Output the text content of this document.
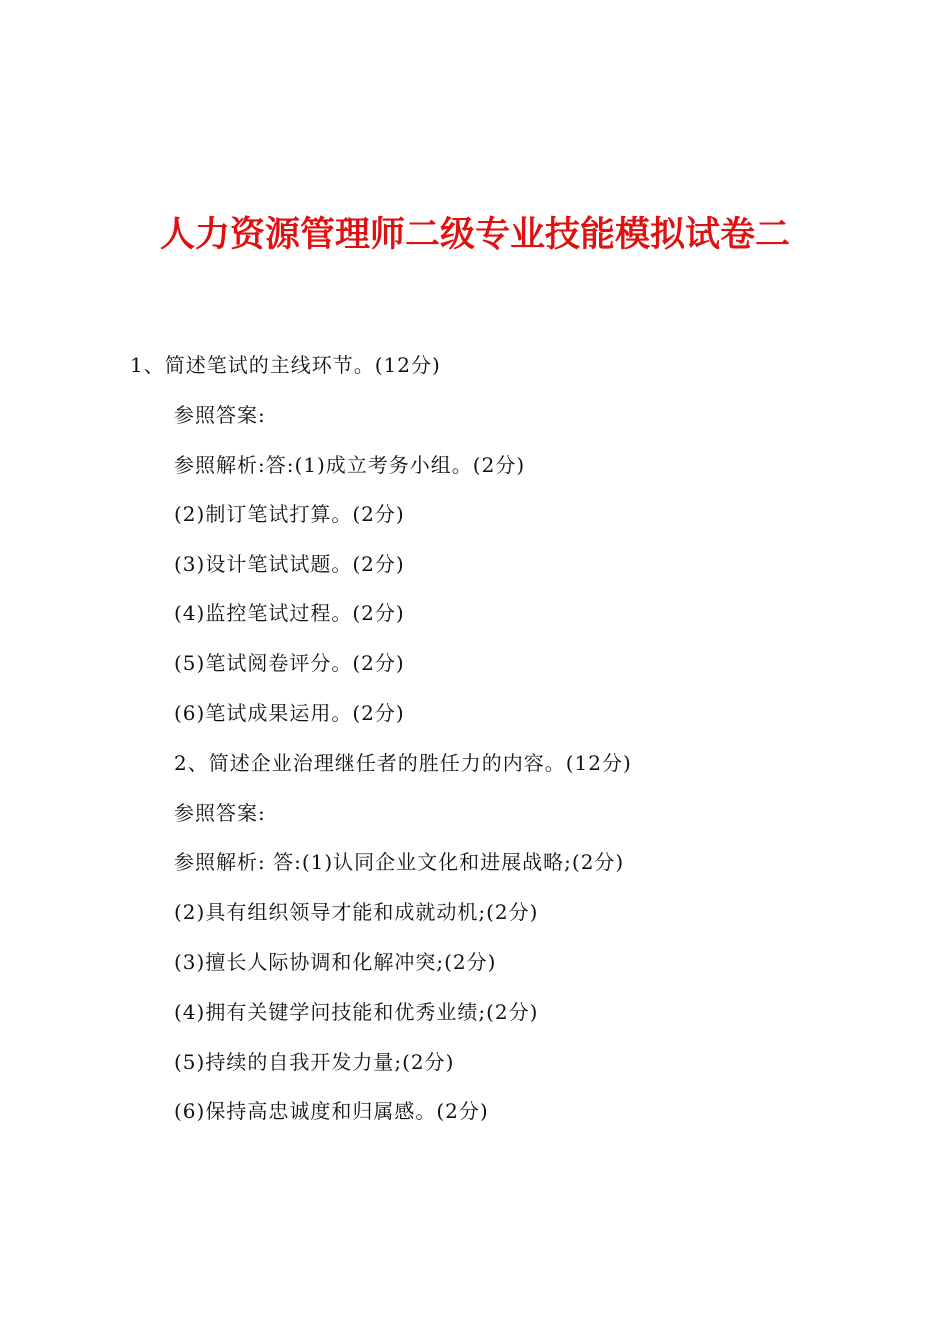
人力资源管理师二级专业技能模拟试卷二
1、简述笔试的主线环节。(12分)
参照答案:
参照解析:答:(1)成立考务小组。(2分)
(2)制订笔试打算。(2分)
(3)设计笔试试题。(2分)
(4)监控笔试过程。(2分)
(5)笔试阅卷评分。(2分)
(6)笔试成果运用。(2分)
2、简述企业治理继任者的胜任力的内容。(12分)
参照答案:
参照解析: 答:(1)认同企业文化和进展战略;(2分)
(2)具有组织领导才能和成就动机;(2分)
(3)擅长人际协调和化解冲突;(2分)
(4)拥有关键学问技能和优秀业绩;(2分)
(5)持续的自我开发力量;(2分)
(6)保持高忠诚度和归属感。(2分)
